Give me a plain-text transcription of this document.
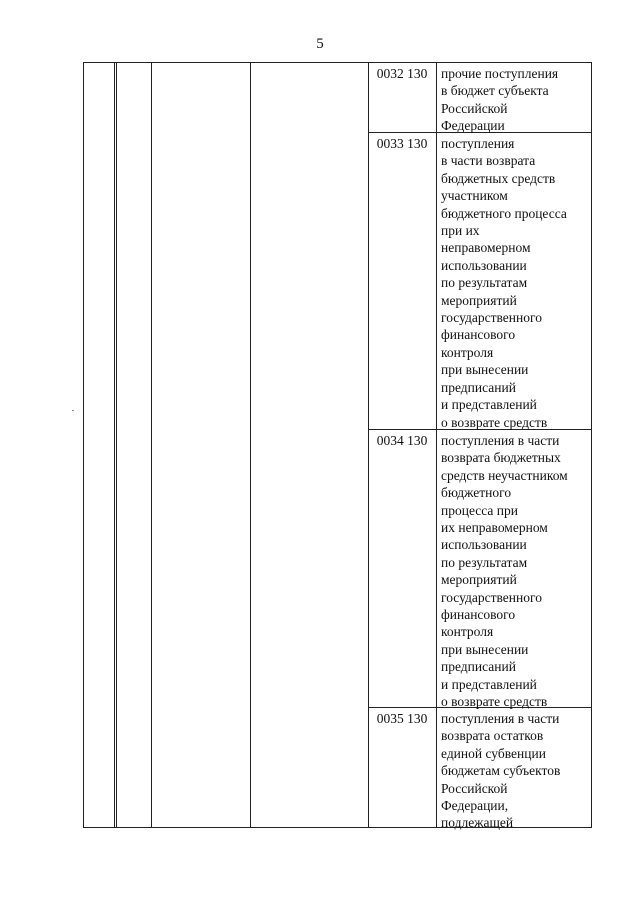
5
0032 130	прочие поступления
в бюджет субъекта
Российской
Федерации
0033 130	поступления
в части возврата
бюджетных средств
участником
бюджетного процесса
при их
неправомерном
использовании
по результатам
мероприятий
государственного
финансового
контроля
при вынесении
предписаний
и представлений
о возврате средств
0034 130	поступления в части
возврата бюджетных
средств неучастником
бюджетного
процесса при
их неправомерном
использовании
по результатам
мероприятий
государственного
финансового
контроля
при вынесении
предписаний
и представлений
о возврате средств
0035 130	поступления в части
возврата остатков
единой субвенции
бюджетам субъектов
Российской
Федерации,
подлежащей
